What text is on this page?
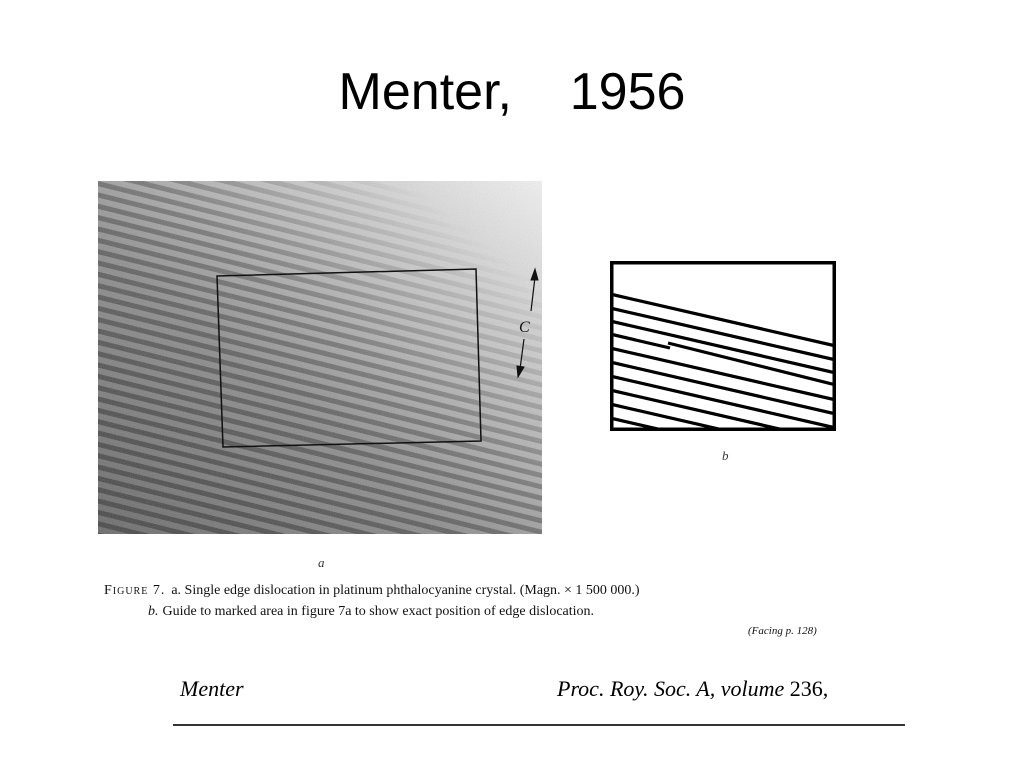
Menter,    1956
C
a
b
Figure 7. a. Single edge dislocation in platinum phthalocyanine crystal. (Magn. × 1 500 000.)
b. Guide to marked area in figure 7a to show exact position of edge dislocation.
(Facing p. 128)
Menter	Proc. Roy. Soc. A, volume 236,
